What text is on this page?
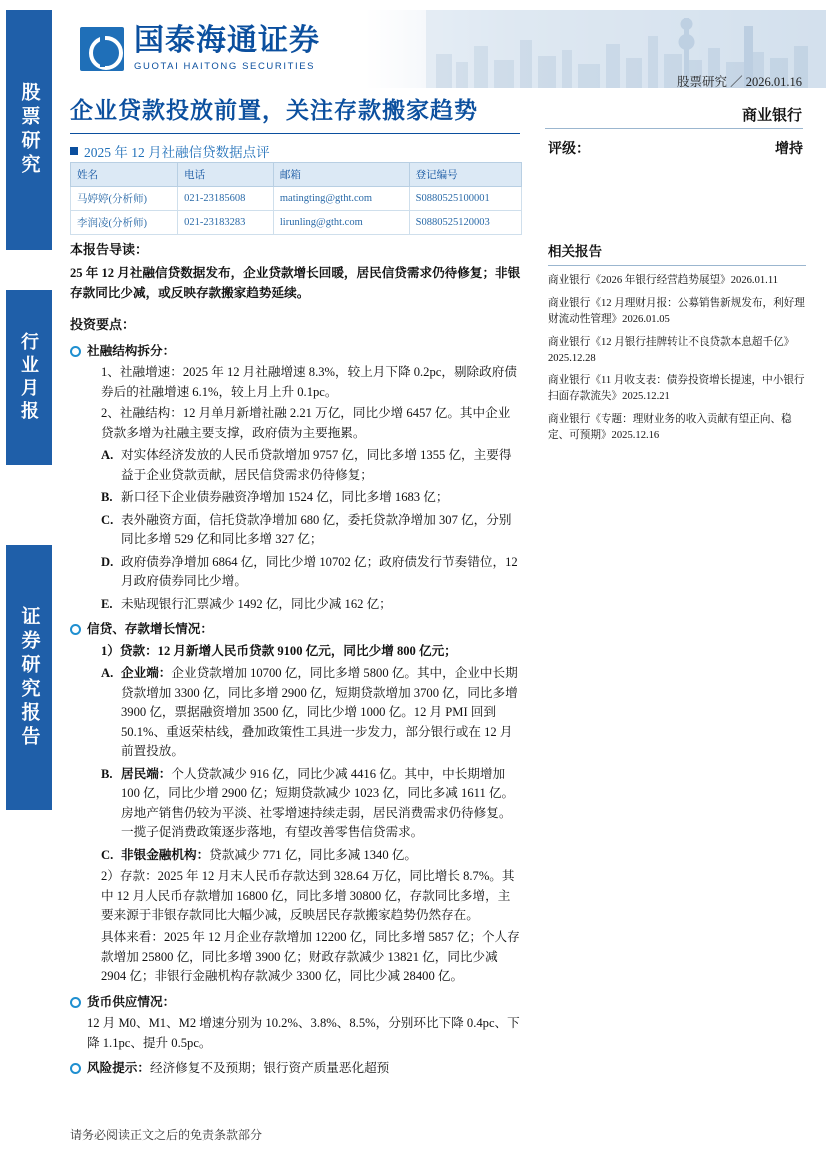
股票研究
行业月报
证券研究报告
国泰海通证券
GUOTAI HAITONG SECURITIES
企业贷款投放前置，关注存款搬家趋势
2025 年 12 月社融信贷数据点评
股票研究 ／ 2026.01.16
商业银行
评级：	增持
姓名	电话	邮箱	登记编号
马婷婷(分析师)	021-23185608	matingting@gtht.com	S0880525100001
李润凌(分析师)	021-23183283	lirunling@gtht.com	S0880525120003
本报告导读：
25 年 12 月社融信贷数据发布，企业贷款增长回暖，居民信贷需求仍待修复；非银存款同比少减，或反映存款搬家趋势延续。
投资要点：
社融结构拆分：
1、社融增速：2025 年 12 月社融增速 8.3%，较上月下降 0.2pc，剔除政府债券后的社融增速 6.1%，较上月上升 0.1pc。
2、社融结构：12 月单月新增社融 2.21 万亿，同比少增 6457 亿。其中企业贷款多增为社融主要支撑，政府债为主要拖累。
A. 对实体经济发放的人民币贷款增加 9757 亿，同比多增 1355 亿，主要得益于企业贷款贡献，居民信贷需求仍待修复；
B. 新口径下企业债券融资净增加 1524 亿，同比多增 1683 亿；
C. 表外融资方面，信托贷款净增加 680 亿，委托贷款净增加 307 亿，分别同比多增 529 亿和同比多增 327 亿；
D. 政府债券净增加 6864 亿，同比少增 10702 亿；政府债发行节奏错位，12 月政府债券同比少增。
E. 未贴现银行汇票减少 1492 亿，同比少减 162 亿；
信贷、存款增长情况：
1）贷款：12 月新增人民币贷款 9100 亿元，同比少增 800 亿元；
A. 企业端：企业贷款增加 10700 亿，同比多增 5800 亿。其中，企业中长期贷款增加 3300 亿，同比多增 2900 亿，短期贷款增加 3700 亿，同比多增 3900 亿，票据融资增加 3500 亿，同比少增 1000 亿。12 月 PMI 回到 50.1%、重返荣枯线，叠加政策性工具进一步发力，部分银行或在 12 月前置投放。
B. 居民端：个人贷款减少 916 亿，同比少减 4416 亿。其中，中长期增加 100 亿，同比少增 2900 亿；短期贷款减少 1023 亿，同比多减 1611 亿。房地产销售仍较为平淡、社零增速持续走弱，居民消费需求仍待修复。一揽子促消费政策逐步落地，有望改善零售信贷需求。
C. 非银金融机构：贷款减少 771 亿，同比多减 1340 亿。
2）存款：2025 年 12 月末人民币存款达到 328.64 万亿，同比增长 8.7%。其中 12 月人民币存款增加 16800 亿，同比多增 30800 亿，存款同比多增，主要来源于非银存款同比大幅少减，反映居民存款搬家趋势仍然存在。
具体来看：2025 年 12 月企业存款增加 12200 亿，同比多增 5857 亿；个人存款增加 25800 亿，同比多增 3900 亿；财政存款减少 13821 亿，同比少减 2904 亿；非银行金融机构存款减少 3300 亿，同比少减 28400 亿。
货币供应情况：
12 月 M0、M1、M2 增速分别为 10.2%、3.8%、8.5%，分别环比下降 0.4pc、下降 1.1pc、提升 0.5pc。
风险提示：经济修复不及预期；银行资产质量恶化超预
相关报告
商业银行《2026 年银行经营趋势展望》2026.01.11
商业银行《12 月理财月报：公募销售新规发布，利好理财流动性管理》2026.01.05
商业银行《12 月银行挂牌转让不良贷款本息超千亿》2025.12.28
商业银行《11 月收支表：债券投资增长提速，中小银行扫面存款流失》2025.12.21
商业银行《专题：理财业务的收入贡献有望正向、稳定、可预期》2025.12.16
请务必阅读正文之后的免责条款部分
